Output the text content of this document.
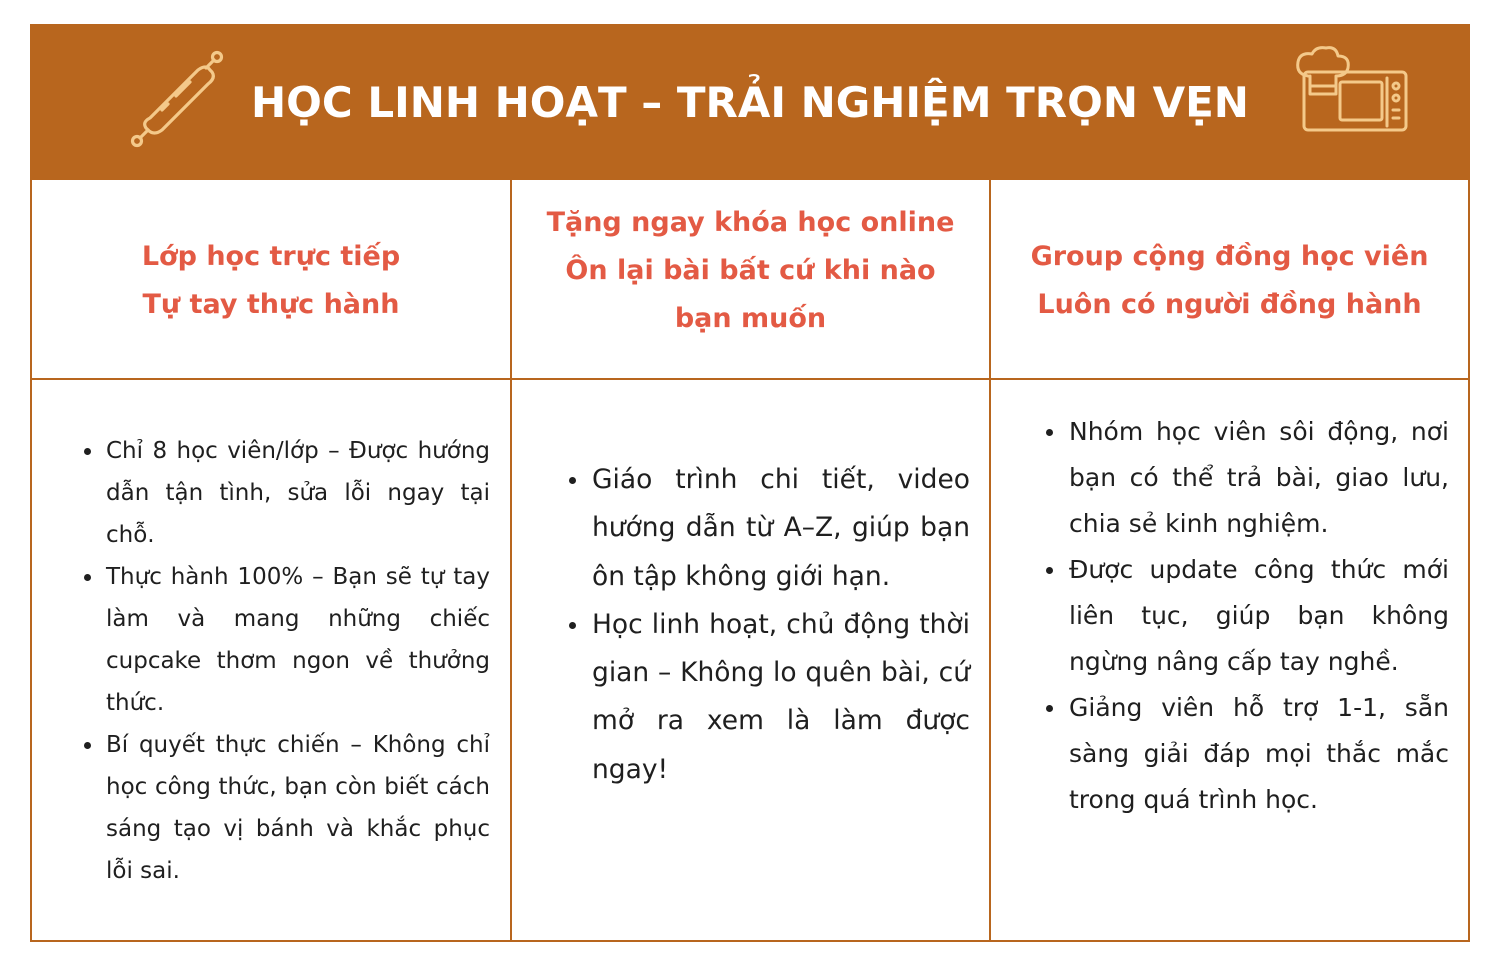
HỌC LINH HOẠT – TRẢI NGHIỆM TRỌN VẸN
Lớp học trực tiếp
Tự tay thực hành
Tặng ngay khóa học online
Ôn lại bài bất cứ khi nào
bạn muốn
Group cộng đồng học viên
Luôn có người đồng hành
Chỉ 8 học viên/lớp – Được hướng dẫn tận tình, sửa lỗi ngay tại chỗ.
Thực hành 100% – Bạn sẽ tự tay làm và mang những chiếc cupcake thơm ngon về thưởng thức.
Bí quyết thực chiến – Không chỉ học công thức, bạn còn biết cách sáng tạo vị bánh và khắc phục lỗi sai.
Giáo trình chi tiết, video hướng dẫn từ A–Z, giúp bạn ôn tập không giới hạn.
Học linh hoạt, chủ động thời gian – Không lo quên bài, cứ mở ra xem là làm được ngay!
Nhóm học viên sôi động, nơi bạn có thể trả bài, giao lưu, chia sẻ kinh nghiệm.
Được update công thức mới liên tục, giúp bạn không ngừng nâng cấp tay nghề.
Giảng viên hỗ trợ 1-1, sẵn sàng giải đáp mọi thắc mắc trong quá trình học.
